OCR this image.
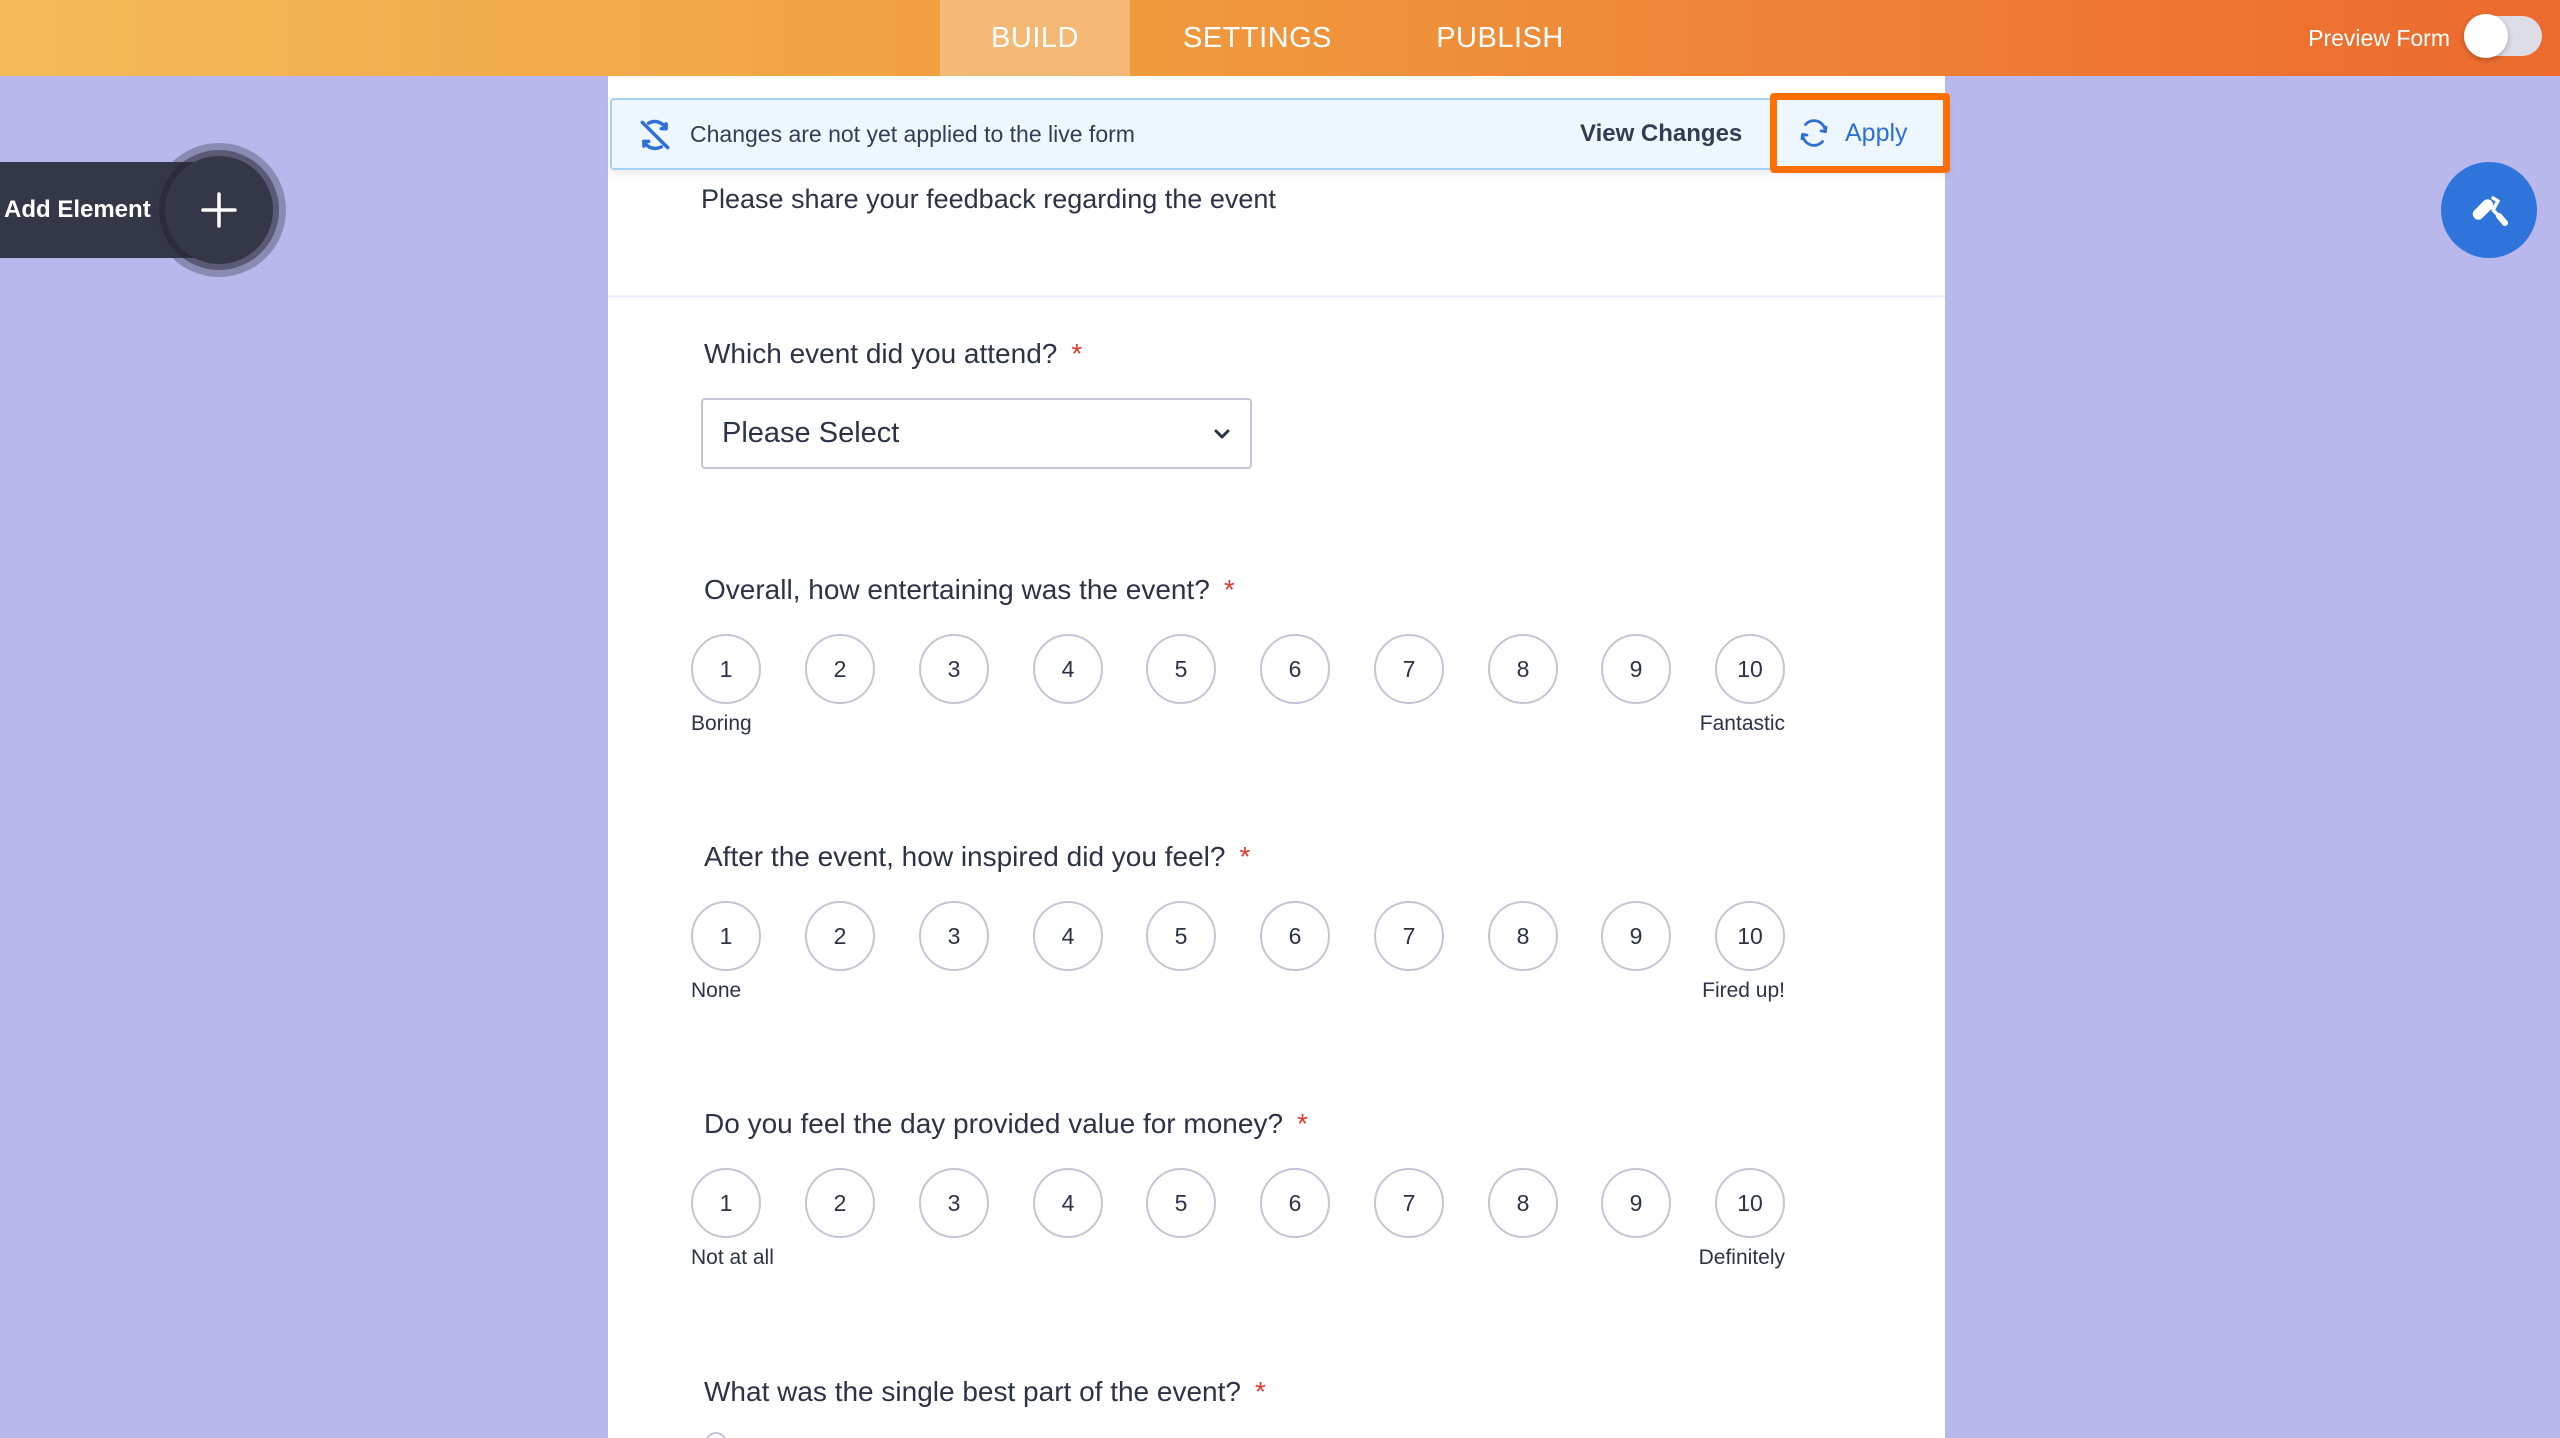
BUILD	SETTINGS	PUBLISH	Preview Form
Changes are not yet applied to the live form	View Changes	Apply
Please share your feedback regarding the event
Which event did you attend? *
Please Select
Overall, how entertaining was the event? *
1	2	3	4	5	6	7	8	9	10
Boring	Fantastic
After the event, how inspired did you feel? *
1	2	3	4	5	6	7	8	9	10
None	Fired up!
Do you feel the day provided value for money? *
1	2	3	4	5	6	7	8	9	10
Not at all	Definitely
What was the single best part of the event? *
Add Element
